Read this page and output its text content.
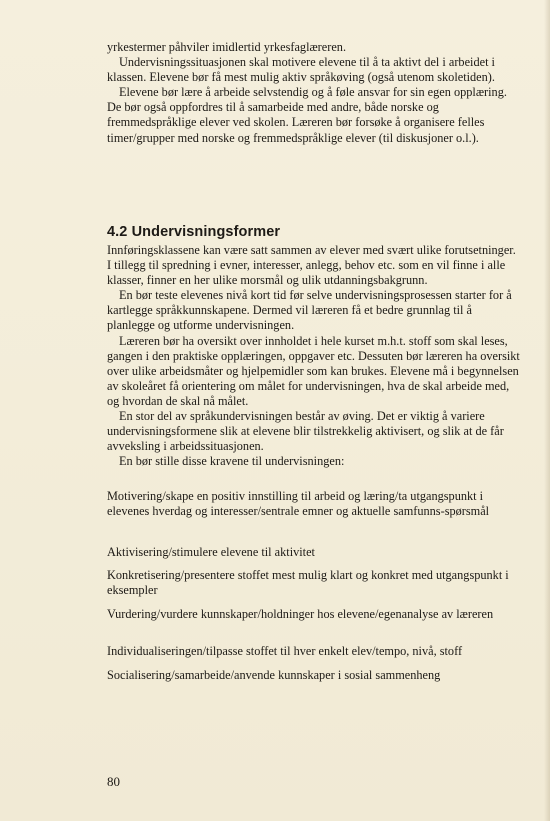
yrkestermer påhviler imidlertid yrkesfaglæreren.

Undervisningssituasjonen skal motivere elevene til å ta aktivt del i arbeidet i klassen. Elevene bør få mest mulig aktiv språkøving (også utenom skoletiden).

Elevene bør lære å arbeide selvstendig og å føle ansvar for sin egen opplæring. De bør også oppfordres til å samarbeide med andre, både norske og fremmedspråklige elever ved skolen. Læreren bør forsøke å organisere felles timer/grupper med norske og fremmedspråklige elever (til diskusjoner o.l.).

4.2 Undervisningsformer

Innføringsklassene kan være satt sammen av elever med svært ulike forutsetninger. I tillegg til spredning i evner, interesser, anlegg, behov etc. som en vil finne i alle klasser, finner en her ulike morsmål og ulik utdanningsbakgrunn.

En bør teste elevenes nivå kort tid før selve undervisningsprosessen starter for å kartlegge språkkunnskapene. Dermed vil læreren få et bedre grunnlag til å planlegge og utforme undervisningen.

Læreren bør ha oversikt over innholdet i hele kurset m.h.t. stoff som skal leses, gangen i den praktiske opplæringen, oppgaver etc. Dessuten bør læreren ha oversikt over ulike arbeidsmåter og hjelpemidler som kan brukes. Elevene må i begynnelsen av skoleåret få orientering om målet for undervisningen, hva de skal arbeide med, og hvordan de skal nå målet.

En stor del av språkundervisningen består av øving. Det er viktig å variere undervisningsformene slik at elevene blir tilstrekkelig aktivisert, og slik at de får avveksling i arbeidssituasjonen.

En bør stille disse kravene til undervisningen:

Motivering/skape en positiv innstilling til arbeid og læring/ta utgangspunkt i elevenes hverdag og interesser/sentrale emner og aktuelle samfunns-spørsmål

Aktivisering/stimulere elevene til aktivitet

Konkretisering/presentere stoffet mest mulig klart og konkret med utgangspunkt i eksempler

Vurdering/vurdere kunnskaper/holdninger hos elevene/egenanalyse av læreren

Individualiseringen/tilpasse stoffet til hver enkelt elev/tempo, nivå, stoff

Socialisering/samarbeide/anvende kunnskaper i sosial sammenheng

80
